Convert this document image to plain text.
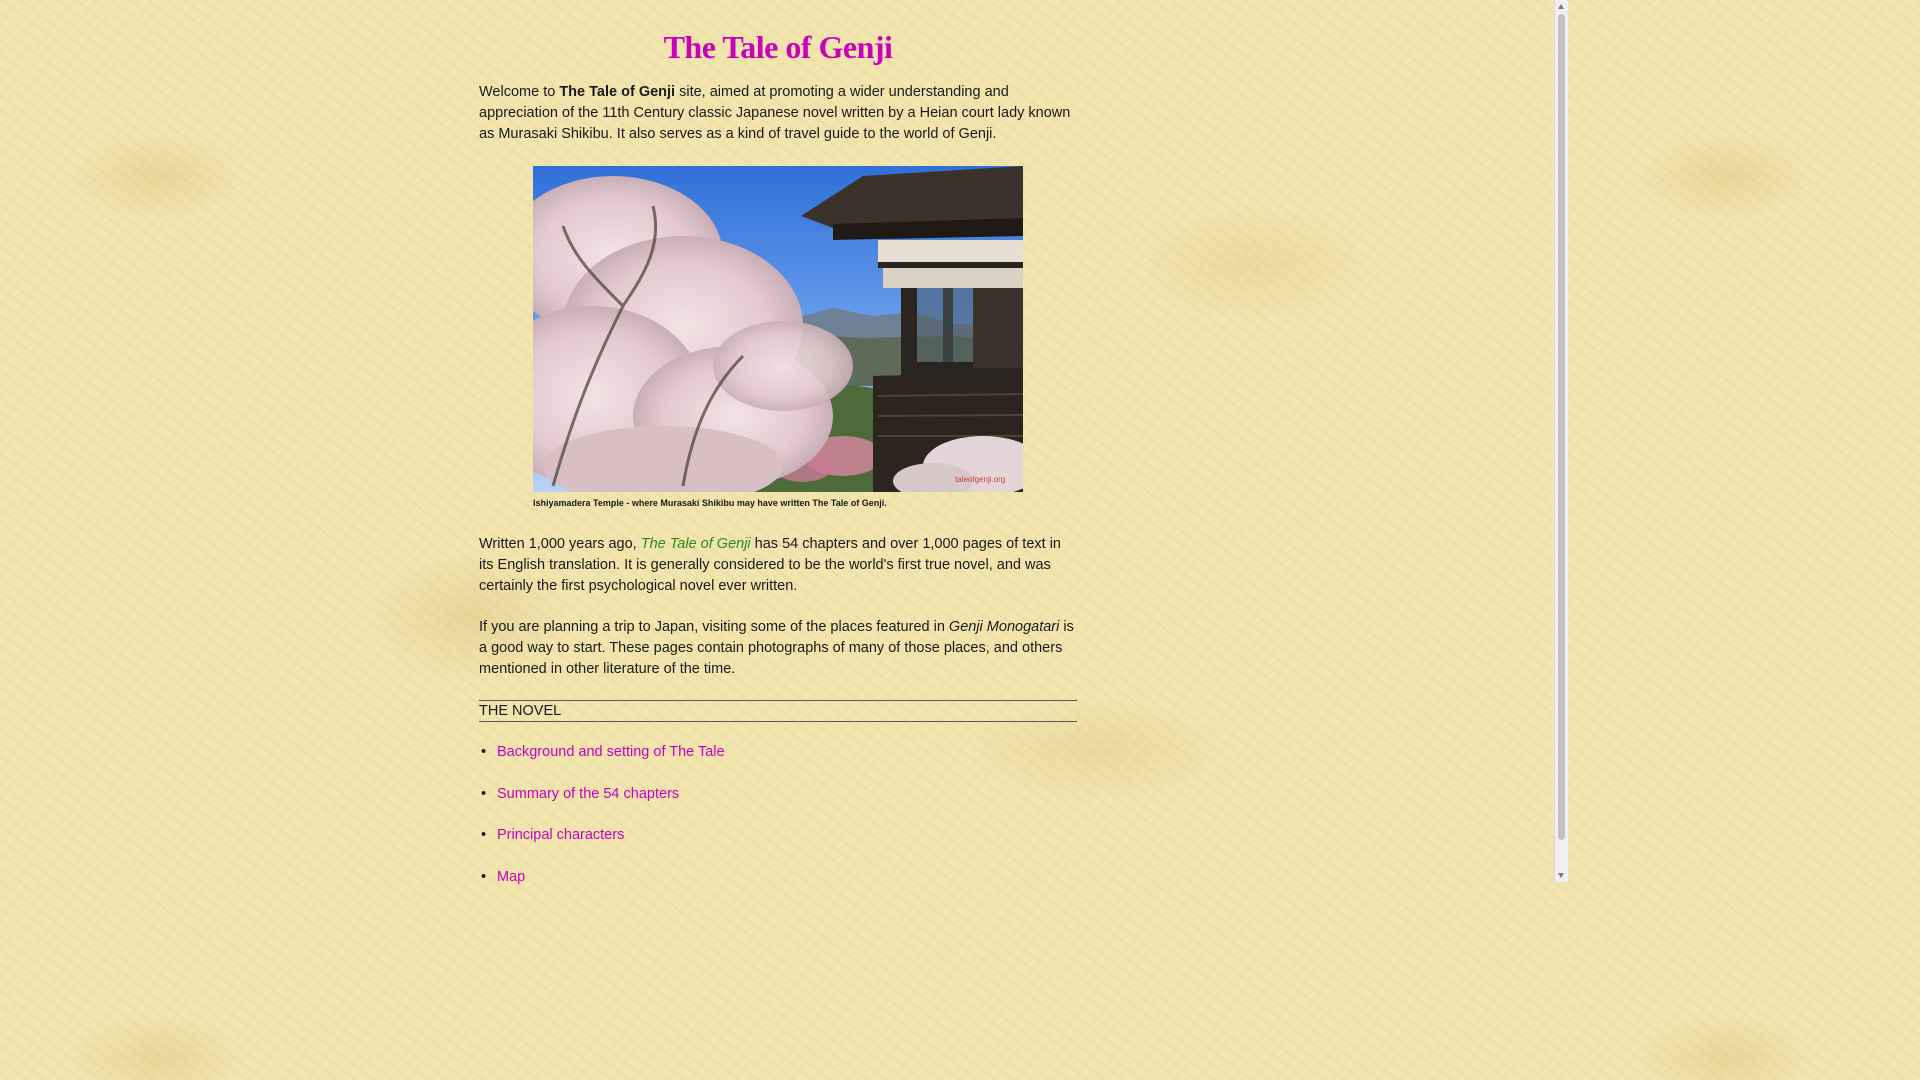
The Tale of Genji

Welcome to The Tale of Genji site, aimed at promoting a wider understanding and appreciation of the 11th Century classic Japanese novel written by a Heian court lady known as Murasaki Shikibu. It also serves as a kind of travel guide to the world of Genji.

taleofgenji.org
Ishiyamadera Temple - where Murasaki Shikibu may have written The Tale of Genji.

Written 1,000 years ago, The Tale of Genji has 54 chapters and over 1,000 pages of text in its English translation. It is generally considered to be the world's first true novel, and was certainly the first psychological novel ever written.

If you are planning a trip to Japan, visiting some of the places featured in Genji Monogatari is a good way to start. These pages contain photographs of many of those places, and others mentioned in other literature of the time.

THE NOVEL
• Background and setting of The Tale
• Summary of the 54 chapters
• Principal characters
• Map
